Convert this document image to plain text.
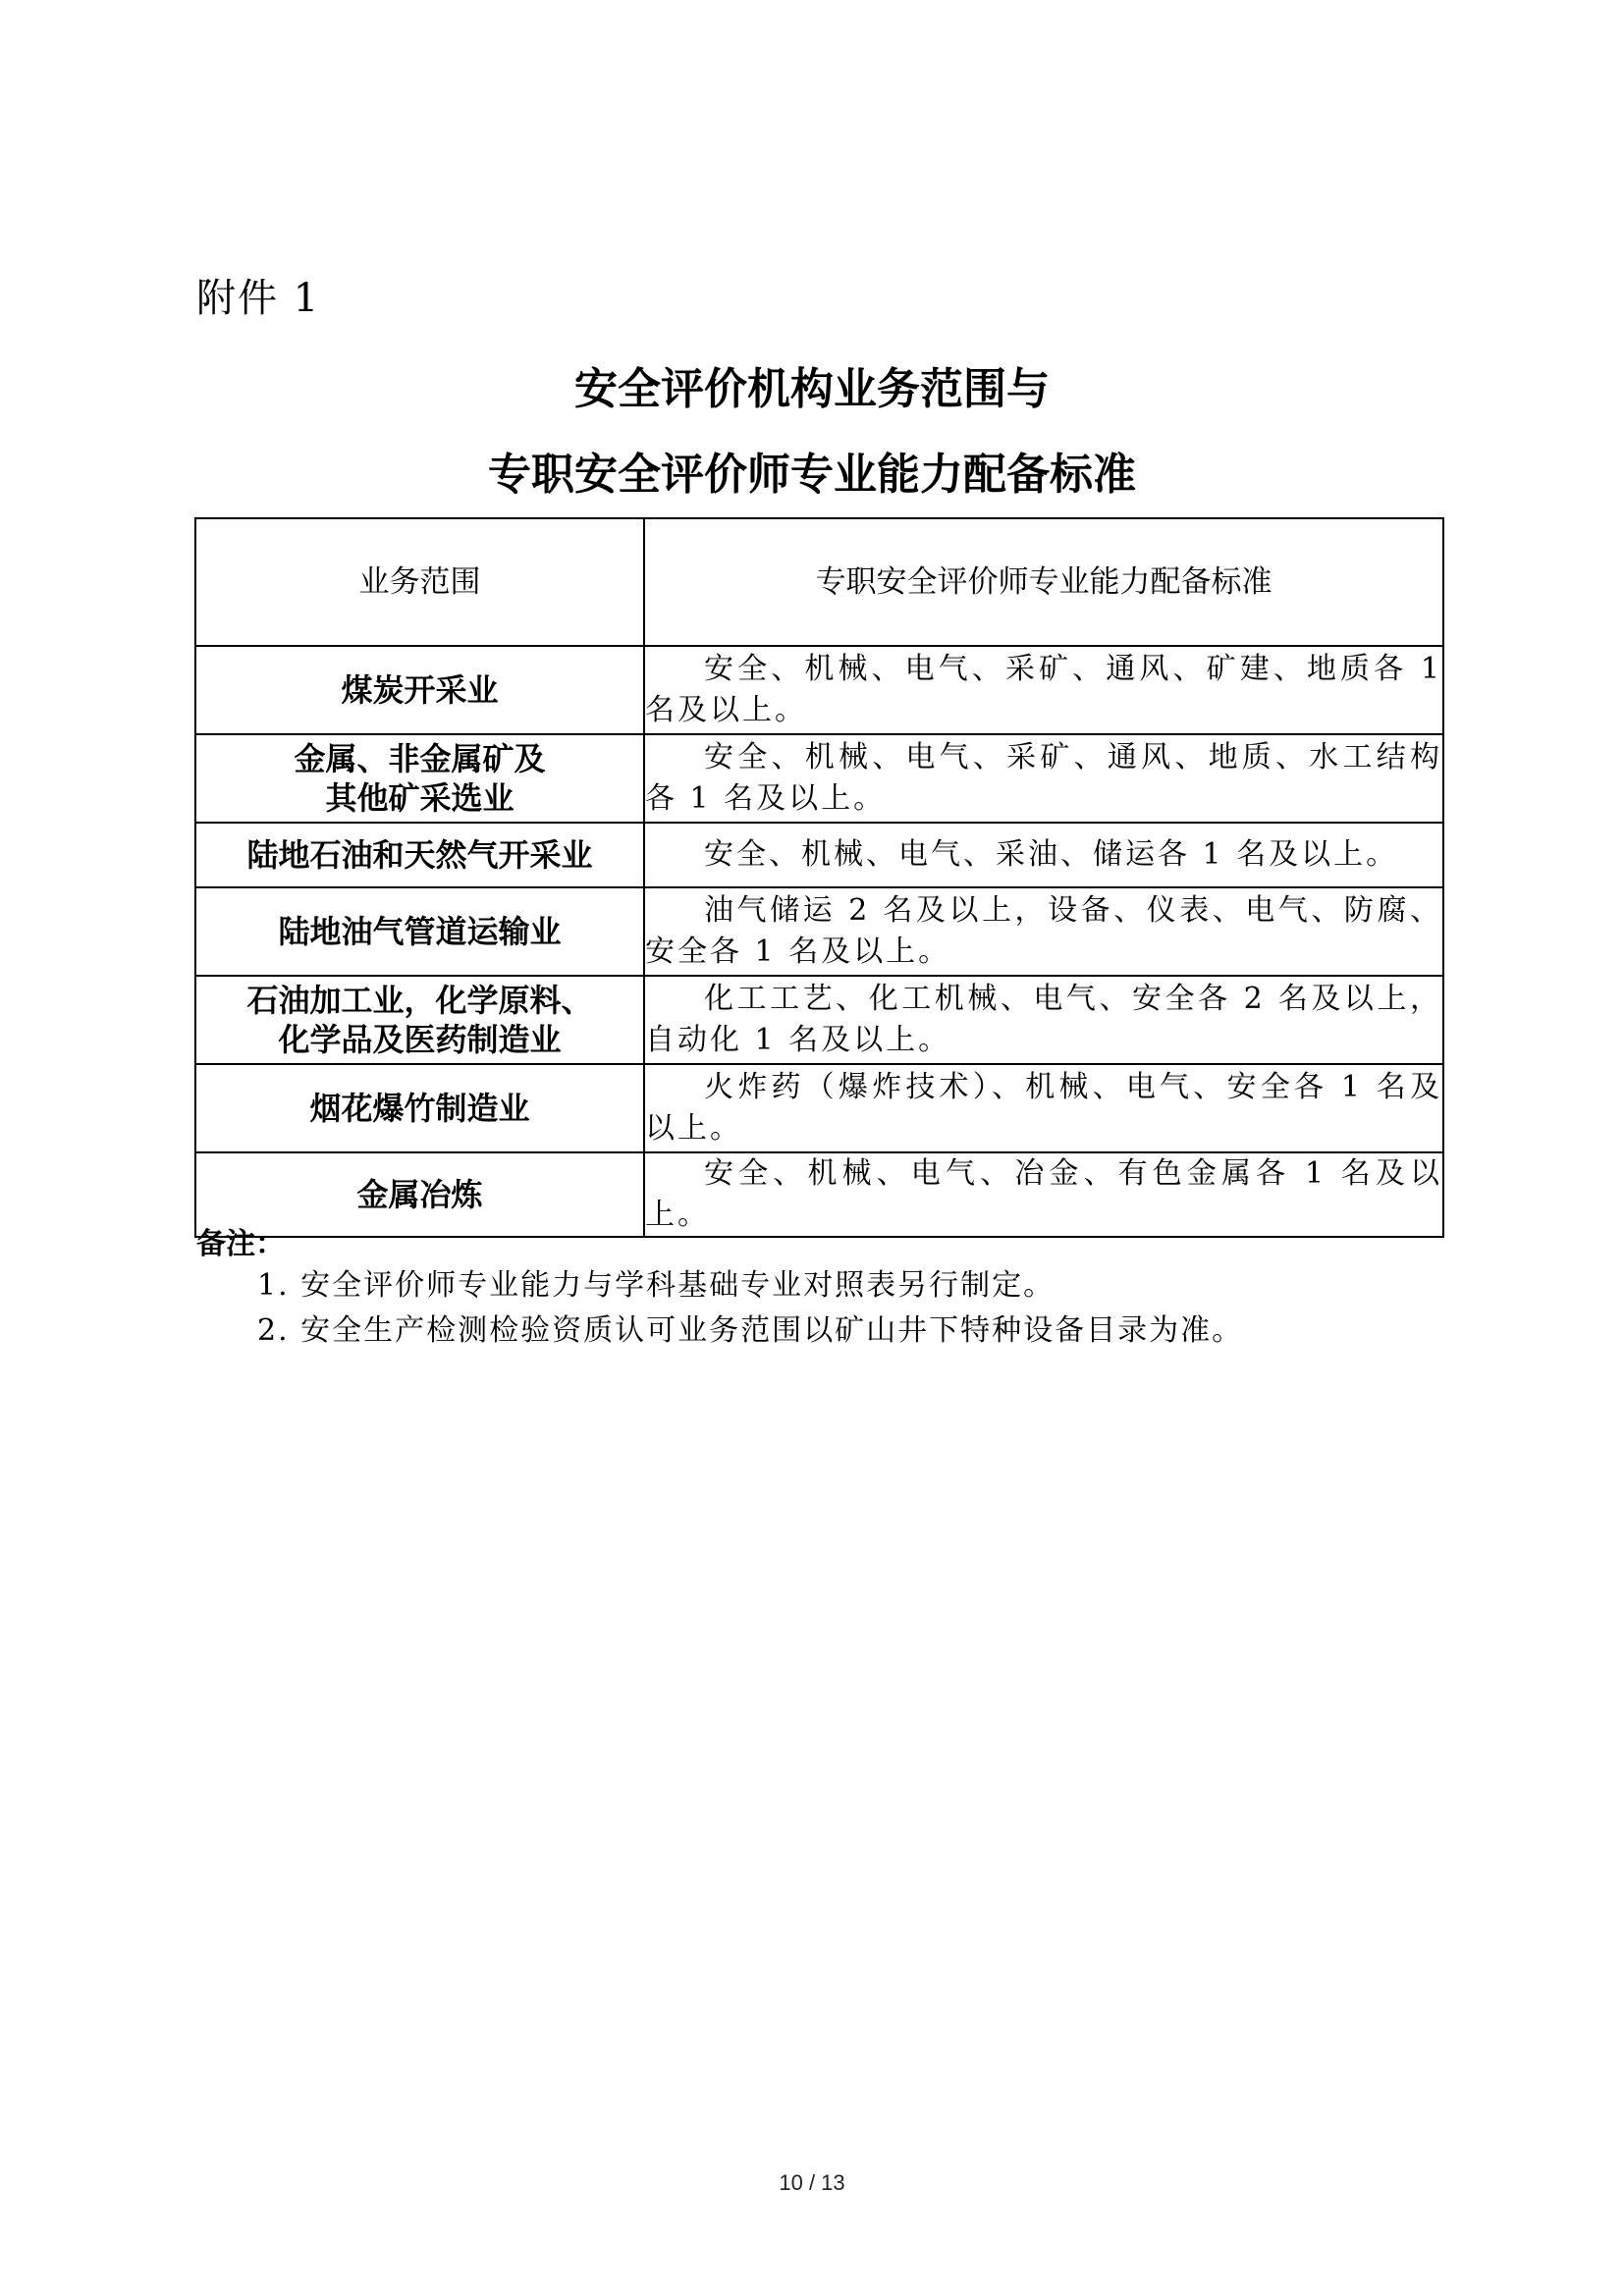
附件 1
安全评价机构业务范围与
专职安全评价师专业能力配备标准
业务范围	专职安全评价师专业能力配备标准
煤炭开采业	安全、机械、电气、采矿、通风、矿建、地质各 1 名及以上。
金属、非金属矿及
其他矿采选业	安全、机械、电气、采矿、通风、地质、水工结构各 1 名及以上。
陆地石油和天然气开采业	安全、机械、电气、采油、储运各 1 名及以上。
陆地油气管道运输业	油气储运 2 名及以上，设备、仪表、电气、防腐、安全各 1 名及以上。
石油加工业，化学原料、
化学品及医药制造业	化工工艺、化工机械、电气、安全各 2 名及以上，自动化 1 名及以上。
烟花爆竹制造业	火炸药（爆炸技术）、机械、电气、安全各 1 名及以上。
金属冶炼	安全、机械、电气、冶金、有色金属各 1 名及以上。
备注：
1. 安全评价师专业能力与学科基础专业对照表另行制定。
2. 安全生产检测检验资质认可业务范围以矿山井下特种设备目录为准。
10 / 13
